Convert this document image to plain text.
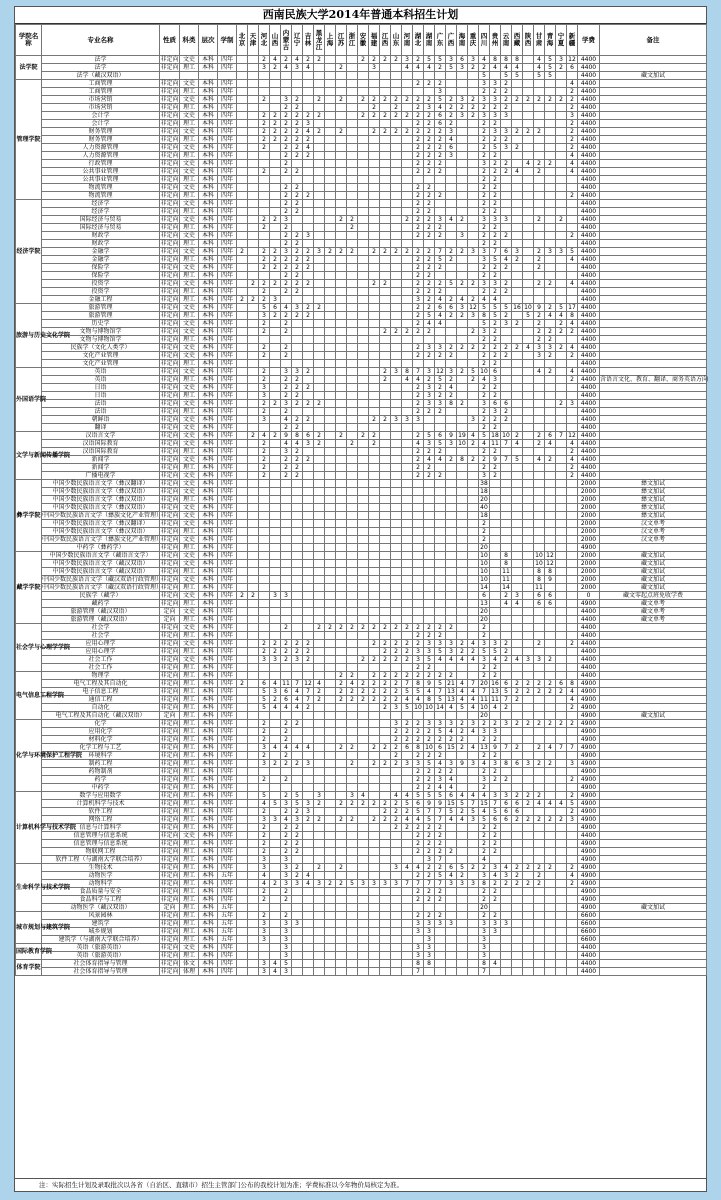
西南民族大学2014年普通本科招生计划
学院名称	专业名称	性质	科类	层次	学制	北京	天津	河北	山西	内蒙古	辽宁	吉林	黑龙江	上海	江苏	浙江	安徽	福建	江西	山东	河南	湖北	湖南	广东	广西	海南	重庆	四川	贵州	云南	西藏	陕西	甘肃	青海	宁夏	新疆	学费	备注
法学院	法学	非定向	文史	本科	四年			2	4	2	4	2	2				2	2	2	2	3	2	5	5	3	6	3	4	8	8	8		4	5	3	12	4400	
	法学	非定向	理工	本科	四年			3	2	4	3	4			2			3			4	4	4	2	5	3	2	2	4	4	4		4	5	2	6	4400	
	法学（藏汉双语）																											5		5	5		5	5			4400	藏文加试
管理学院	工商管理	非定向	文史	本科	四年																	2	2	2				3	3	2						4	4400	
	工商管理	非定向	理工	本科	四年																			3				2	2	2						2	4400	
	市场营销	非定向	文史	本科	四年			2		3	2		2		2		2	2	2	2	2	2	2	5	2	3	2	3	3	2	2	2	2	2	2	2	4400	
	市场营销	非定向	理工	本科	四年					2	2							2		2		2	3	4	2	2	2	2	2	2						2	4400	
	会计学	非定向	文史	本科	四年			2	2	2	2	2	2				2	2	2	2	2	2	2	6	2	3	2	3	3	3						3	4400	
	会计学	非定向	理工	本科	四年			2	2	2	2	3										2	2	6	2			2	2							2	4400	
	财务管理	非定向	文史	本科	四年			2	2	2	2	4	2		2			2	2	2	2	2	2	2	3			2	3	3	2	2	2			2	4400	
	财务管理	非定向	理工	本科	四年			2	2	2	2	2										2	2	2	4			2	2	2						2	4400	
	人力资源管理	非定向	文史	本科	四年			2		2	2	4										2	2	2	6			2	5	3	2					2	4400	
	人力资源管理	非定向	理工	本科	四年					2	2	2										2	2	2	3			2	2							4	4400	
	行政管理	非定向	文史	本科	四年					2												2	2	2				3	2	2		4	2	2		4	4400	
	公共事业管理	非定向	文史	本科	四年			2		2	2											2	2	2				2	2	2	4		2			4	4400	
	公共事业管理	非定向	理工	本科	四年																							2	2								4400	
	物流管理	非定向	文史	本科	四年					2	2											2	2					2	2								4400	
	物流管理	非定向	理工	本科	四年					2	2	2										2	2	2				2	2							2	4400	
经济学院	经济学	非定向	文史	本科	四年					2	2											2	2					2	2								4400	
	经济学	非定向	理工	本科	四年					2	2											2	2					2	2								4400	
	国际经济与贸易	非定向	文史	本科	四年			2	2	3					2	2					2	2	2	3	4	2		3	3	3			2		2		4400	
	国际经济与贸易	非定向	理工	本科	四年			2		2						2						2	2	2				2	2								4400	
	财政学	非定向	文史	本科	四年					2	2	3										2	2	2		3		2	2	2						2	4400	
	财政学	非定向	理工	本科	四年					2	2																	2	2								4400	
	金融学	非定向	文史	本科	四年	2		2	2	3	2	2	3	2	2	2		2	2	2	2	2	2	7	2	2	3	3	7	6	3		2	3	3	5	4400	
	金融学	非定向	理工	本科	四年			2	2	2	2	2										2	2	5	2			3	5	4	2		2			4	4400	
	保险学	非定向	文史	本科	四年			2	2	2	2	2										2	2	2				2	2	2			2				4400	
	保险学	非定向	理工	本科	四年					2	2											2	2					2	2								4400	
	投资学	非定向	文史	本科	四年		2	2	2	2	2	2						2	2			2	2	2	5	2	2	3	3	2			2	2		4	4400	
	投资学	非定向	理工	本科	四年			2		2	2											2	2	2				2	2	2							4400	
	金融工程	非定向	理工	本科	四年	2	2	2	3													3	2	4	2	4	2	4	4								4400	
旅游与历史文化学院	旅游管理	非定向	文史	本科	四年			5	6	4	3	2	2									2	2	6	6	3	12	5	5	5	16	10	9	2	5	17	4400	
	旅游管理	非定向	理工	本科	四年			3	2	2	2	2										2	5	4	2	2	3	8	5	2		5	2	4	4	8	4400	
	历史学	非定向	文史	本科	四年			2		2												2	4	4				5	2	3	2		2		2	4	4400	
	文物与博物馆学	非定向	文史	本科	四年			2		2									2	2	2	2	2				2	3	2				2	2	2	2	4400	
	文物与博物馆学	非定向	理工	本科	四年																							2	2				2	2			4400	
	民族学（文化人类学）	非定向	文史	本科	四年			2		2												2	3	3	2	2	2	2	2	2	2	4	3	3	2	4	4400	
	文化产业管理	非定向	文史	本科	四年			2		2												2	2	2	2			2	2	2			3	2		2	4400	
	文化产业管理	非定向	理工	本科	四年																							2	2								4400	
外国语学院	英语	非定向	文史	本科	四年			2		3	3	2							2	3	8	7	3	12	3	2	5	10	6				4	2		4	4400	
	英语	非定向	理工	本科	四年			2		2	2								2		4	4	2	5	2		2	4	3							2	4400	含语言文化、教育、翻译、商务英语方向
	日语	非定向	文史	本科	四年			3		2	2	2										2	3	2	4			2	2								4400	
	日语	非定向	理工	本科	四年			3		2	2											2	3	2	2			2	2								4400	
	法语	非定向	文史	本科	四年			2	2	3	2	2	2									2	3	3	8	2		3	6	6					2	3	4400	
	法语	非定向	理工	本科	四年			2		2												2	2	2				2	3	2							4400	
	朝鲜语	非定向	文史	本科	四年			3		4	2	2						2	2	3	3	3					3	2	2	2							4400	
	翻译	非定向	文史	本科	四年					2	2																	2	2								4400	
文学与新闻传播学院	汉语言文学	非定向	文史	本科	四年		2	4	2	9	8	6	2		2		2	2				2	5	6	9	19	4	5	18	10	2		2	6	7	12	4400	
	汉语国际教育	非定向	文史	本科	四年			2		4	4	3	2			2		2				4	3	5	3	10	2	4	11	7	4		2	4		4	4400	
	汉语国际教育	非定向	理工	本科	四年			2		3	2											2	2	2				2	2							2	4400	
	新闻学	非定向	文史	本科	四年			2		2	2	2										2	4	4	2	8	2	2	9	7	5		4	2		4	4400	
	新闻学	非定向	理工	本科	四年			2		2	2											2	2					2	2							2	4400	
	广播电视学	非定向	文史	本科	四年			2		2	2											2	2	2				3	2							2	4400	
彝学学院	中国少数民族语言文学（彝汉翻译）	非定向	文史	本科	四年																							38									2000	彝文加试
	中国少数民族语言文学（彝汉双语）	非定向	文史	本科	四年																							18									2000	彝文加试
	中国少数民族语言文学（彝汉双语）	非定向	理工	本科	四年																							20									2000	彝文加试
	中国少数民族语言文学（彝汉双语）	非定向	文史	本科	四年																							40									2000	彝文加试
	中国少数民族语言文学（彝族文化产业管理）	非定向	文史	本科	四年																							18									2000	彝文加试
	中国少数民族语言文学（彝汉翻译）	非定向	文史	本科	四年																							2									2000	汉文单考
	中国少数民族语言文学（彝汉双语）	非定向	理工	本科	四年																							2									2000	汉文单考
	中国少数民族语言文学（彝族文化产业管理）	非定向	文史	本科	四年																							2									2000	汉文单考
	中药学（彝药学）	非定向	理工	本科	四年																							20									4900	
藏学学院	中国少数民族语言文学（藏语言文学）	非定向	文史	本科	四年																							10		8			10	12			2000	藏文加试
	中国少数民族语言文学（藏汉双语）	非定向	文史	本科	四年																							10		8			10	12			2000	藏文加试
	中国少数民族语言文学（藏汉双语）	非定向	理工	本科	四年																							10		11			8	8			2000	藏文加试
	中国少数民族语言文学（藏汉双语行政管理）	非定向	文史	本科	四年																							10		11			8	9			2000	藏文加试
	中国少数民族语言文学（藏汉双语行政管理）	非定向	理工	本科	四年																							14		14			11				2000	藏文加试
	民族学（藏学）	非定向	文史	本科	四年	2	2		3	3																		6		2	3		6	6			0	藏文零起点班免收学费
	藏药学	非定向	理工	本科	四年																							13		4	4		6	6			4900	藏文单考
	旅游管理（藏汉双语）	定向	文史	本科	四年																							20									4400	藏文单考
	旅游管理（藏汉双语）	定向	理工	本科	四年																							20									4400	藏文单考
社会学与心理学学院	社会学	非定向	文史	本科	四年					2			2	2	2	2	2	2	2	2	2	2	2	2	2			2									4400	
	社会学	非定向	理工	本科	四年																	2	2	2				2									4400	
	应用心理学	非定向	文史	本科	四年			2	2	2	2	2						2	2	2	2	2	3	3	3	2	4	3	3	2			2			2	4400	
	应用心理学	非定向	理工	本科	四年			2	2	2	2	2							2	2	2	3	3	5	3	2	2	5	5	2							4400	
	社会工作	非定向	文史	本科	四年			3	3	2	3	2					2	2	2	2	2	3	5	4	4	4	4	3	4	2	4	3	3	2			4400	
	社会工作	非定向	理工	本科	四年																	2	2					2	2								4400	
电气信息工程学院	物理学	非定向	理工	本科	四年										2	2		2	2	2	2	2	2	2	2			2	2								4400	
	电气工程及其自动化	非定向	理工	本科	四年	2		6	4	11	7	12	4		2	4	2	2	2	2	7	8	9	5	21	4	7	20	16	6	2	2	2	2	6	8	4900	
	电子信息工程	非定向	理工	本科	四年			5	3	6	4	7	2		2	2	2	2	2	2	5	5	4	7	13	4	4	7	13	5	2	2	2	2	2	4	4900	
	通信工程	非定向	理工	本科	四年			5	2	6	4	7	2		2	2	2	2	2	2	4	4	8	5	13	4	4	11	11	7	2					4	4900	
	自动化	非定向	理工	本科	四年			5	4	4	4	2							2	3	5	10	10	14	4	5	4	10	4	2						2	4900	
	电气工程及其自动化（藏汉双语）	定向	理工	本科	四年																							20									4900	藏文加试
化学与环境保护工程学院	化学	非定向	理工	本科	四年			2		2	2									3	2	2	3	3	3	2	3	2	2	3	2	2	2	2	2	2	4900	
	应用化学	非定向	理工	本科	四年			2		2										2	2	2	2	5	4	2	4	3	3								4900	
	材料化学	非定向	理工	本科	四年			2		2										2	2	2	2	2	2	2		2	2								4900	
	化学工程与工艺	非定向	理工	本科	四年			3	4	4	4	4			2	2		2	2	2	6	8	10	6	15	2	4	13	9	7	2		2	4	7	7	4900	
	环境科学	非定向	理工	本科	四年			2		2										2		2	2	2				2	2								4900	
	制药工程	非定向	理工	本科	四年			3	2	2	2	3				2		2	2	2	3	3	5	4	3	9	3	4	3	8	6	3	2	2		3	4900	
	药物制剂	非定向	理工	本科	四年																	2	2	2	2			2	2								4900	
	药学	非定向	理工	本科	四年			2		2												2	2	3	4			3	2	2						2	4900	
	中药学	非定向	理工	本科	四年																	2	2	4	4			2									4900	
计算机科学与技术学院	数学与应用数学	非定向	理工	本科	四年			5		2	5		3			3	4			4	4	5	5	5	6	4	4	4	3	3	2	2	2			2	4900	
	计算机科学与技术	非定向	理工	本科	四年			4	5	3	5	3	2		2	2	2	2	2	2	5	6	9	9	15	5	7	15	7	6	6	2	4	4	4	5	4900	
	软件工程	非定向	理工	本科	四年			2		2	2	3							2	2	2	5	7	7	5	2	5	4	5	6	6					2	4900	
	网络工程	非定向	理工	本科	四年			3	3	4	3	2	2		2	2		2	2	2	4	4	5	7	4	4	3	5	6	6	2	2	2	2	2	3	4900	
	信息与计算科学	非定向	理工	本科	四年			2		2	2									2	2	2	2	2				2	2								4900	
	信息管理与信息系统	非定向	文史	本科	四年			2		2	2											2	2	2				2	2								4400	
	信息管理与信息系统	非定向	理工	本科	四年			2		2	2											2	2	2				2	2								4900	
	物联网工程	非定向	理工	本科	四年			2		2	2											2	2	2	2			2	2								4900	
	软件工程（与湖南大学联合培养）	非定向	理工	本科	四年			3		3													3	7				4									4900	
生命科学与技术学院	生物技术	非定向	理工	本科	四年			3		3	2		2		2					3	4	4	2	2	6	5	2	2	3	4	2	2	2	2		2	4900	
	动物医学	非定向	理工	本科	五年			4		3	2	4										2	2	5	4	2		3	4	3	2		2			4	4900	
	动物科学	非定向	理工	本科	四年			4	2	3	3	4	3	2	2	5	3	3	3	3	7	7	7	7	3	3	3	8	2	2	2	2	2			2	4900	
	食品质量与安全	非定向	理工	本科	四年			2		2												2	2	2				2	2								4900	
	食品科学与工程	非定向	理工	本科	四年			2		2												2	2	2				2	2								4900	
	动物医学（藏汉双语）	定向	理工	本科	五年																							20									4900	藏文加试
城市规划与建筑学院	风景园林	非定向	理工	本科	五年			2		2												2	2	2				2	2								6600	
	建筑学	非定向	理工	本科	五年			3		3	3											3	3	3	3			3	3	3							6600	
	城乡规划	非定向	理工	本科	五年			3		3												3	3					3	3								6600	
	建筑学（与湖南大学联合培养）	非定向	理工	本科	五年			3		3													3					3									6600	
国际教育学院	英语（旅游英语）	非定向	文史	本科	四年					3												3	3					3									4400	
	英语（旅游英语）	非定向	理工	本科	四年					3												3	3					3									4400	
体育学院	社会体育指导与管理	非定向	体文	本科	四年			3	4	5												8	8					8	4								4400	
	社会体育指导与管理	非定向	体理	本科	四年			3	4	3												7						7									4400	
注：实际招生计划及录取批次以各省（自治区、直辖市）招生主管部门公布的我校计划为准；学费标准以今年物价局核定为准。
